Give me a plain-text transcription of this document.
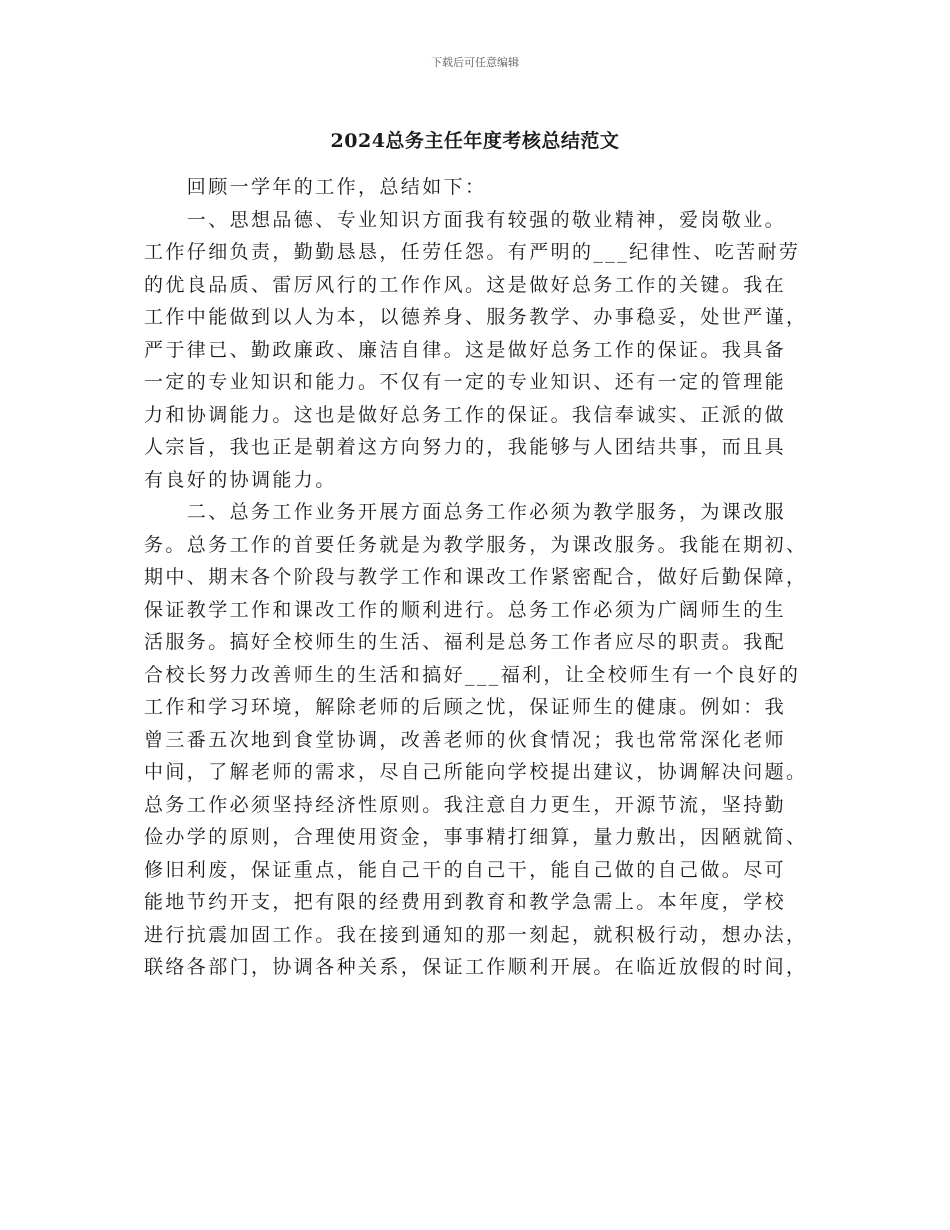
下载后可任意编辑
2024总务主任年度考核总结范文
　　回顾一学年的工作，总结如下：
　　一、思想品德、专业知识方面我有较强的敬业精神，爱岗敬业。
工作仔细负责，勤勤恳恳，任劳任怨。有严明的___纪律性、吃苦耐劳
的优良品质、雷厉风行的工作作风。这是做好总务工作的关键。我在
工作中能做到以人为本，以德养身、服务教学、办事稳妥，处世严谨，
严于律已、勤政廉政、廉洁自律。这是做好总务工作的保证。我具备
一定的专业知识和能力。不仅有一定的专业知识、还有一定的管理能
力和协调能力。这也是做好总务工作的保证。我信奉诚实、正派的做
人宗旨，我也正是朝着这方向努力的，我能够与人团结共事，而且具
有良好的协调能力。
　　二、总务工作业务开展方面总务工作必须为教学服务，为课改服
务。总务工作的首要任务就是为教学服务，为课改服务。我能在期初、
期中、期末各个阶段与教学工作和课改工作紧密配合，做好后勤保障，
保证教学工作和课改工作的顺利进行。总务工作必须为广阔师生的生
活服务。搞好全校师生的生活、福利是总务工作者应尽的职责。我配
合校长努力改善师生的生活和搞好___福利，让全校师生有一个良好的
工作和学习环境，解除老师的后顾之忧，保证师生的健康。例如：我
曾三番五次地到食堂协调，改善老师的伙食情况；我也常常深化老师
中间，了解老师的需求，尽自己所能向学校提出建议，协调解决问题。
总务工作必须坚持经济性原则。我注意自力更生，开源节流，坚持勤
俭办学的原则，合理使用资金，事事精打细算，量力敷出，因陋就简、
修旧利废，保证重点，能自己干的自己干，能自己做的自己做。尽可
能地节约开支，把有限的经费用到教育和教学急需上。本年度，学校
进行抗震加固工作。我在接到通知的那一刻起，就积极行动，想办法，
联络各部门，协调各种关系，保证工作顺利开展。在临近放假的时间，
